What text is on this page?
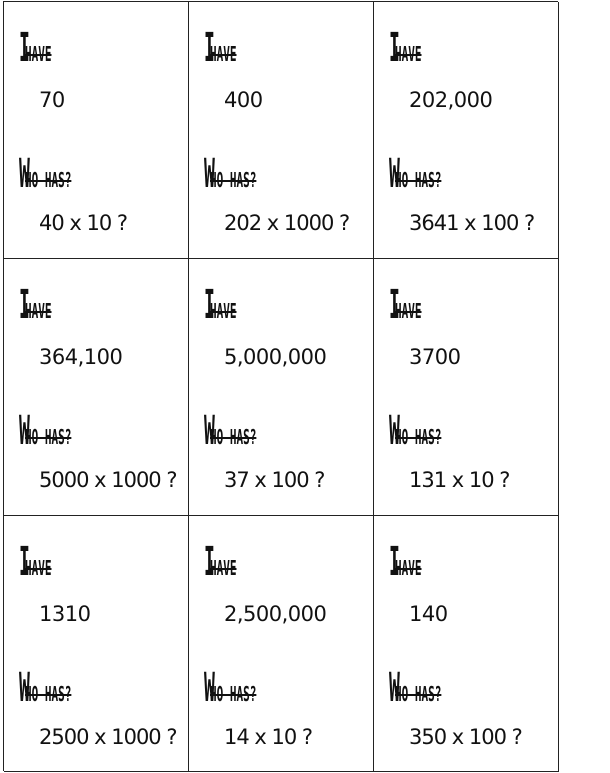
IHAVE
70
WHO HAS?
40 x 10 ?
IHAVE
400
WHO HAS?
202 x 1000 ?
IHAVE
202,000
WHO HAS?
3641 x 100 ?
IHAVE
364,100
WHO HAS?
5000 x 1000 ?
IHAVE
5,000,000
WHO HAS?
37 x 100 ?
IHAVE
3700
WHO HAS?
131 x 10 ?
IHAVE
1310
WHO HAS?
2500 x 1000 ?
IHAVE
2,500,000
WHO HAS?
14 x 10 ?
IHAVE
140
WHO HAS?
350 x 100 ?
